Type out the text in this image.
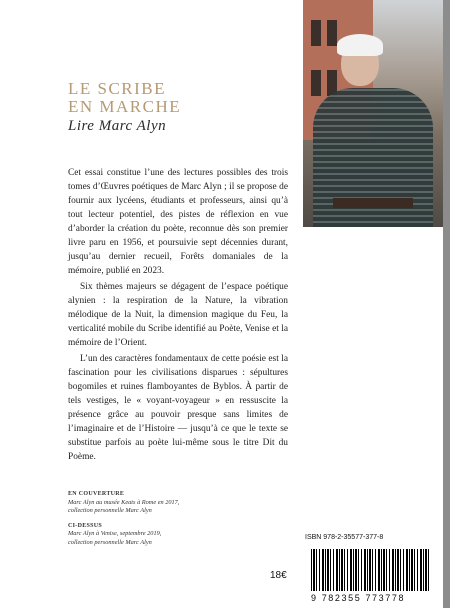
LE SCRIBE
EN MARCHE
Lire Marc Alyn

Cet essai constitue l’une des lectures possibles des trois tomes d’Œuvres poétiques de Marc Alyn ; il se propose de fournir aux lycéens, étudiants et professeurs, ainsi qu’à tout lecteur potentiel, des pistes de réflexion en vue d’aborder la création du poète, reconnue dès son premier livre paru en 1956, et poursuivie sept décennies durant, jusqu’au dernier recueil, Forêts domaniales de la mémoire, publié en 2023.

Six thèmes majeurs se dégagent de l’espace poétique alynien : la respiration de la Nature, la vibration mélodique de la Nuit, la dimension magique du Feu, la verticalité mobile du Scribe identifié au Poète, Venise et la mémoire de l’Orient.

L’un des caractères fondamentaux de cette poésie est la fascination pour les civilisations disparues : sépultures bogomiles et ruines flamboyantes de Byblos. À partir de tels vestiges, le « voyant-voyageur » en ressuscite la présence grâce au pouvoir presque sans limites de l’imaginaire et de l’Histoire — jusqu’à ce que le texte se substitue parfois au poète lui-même sous le titre Dit du Poème.

EN COUVERTURE
Marc Alyn au musée Keats à Rome en 2017,
collection personnelle Marc Alyn
CI-DESSUS
Marc Alyn à Venise, septembre 2019,
collection personnelle Marc Alyn
ISBN 978-2-35577-377-8
18€
9 782355 773778
